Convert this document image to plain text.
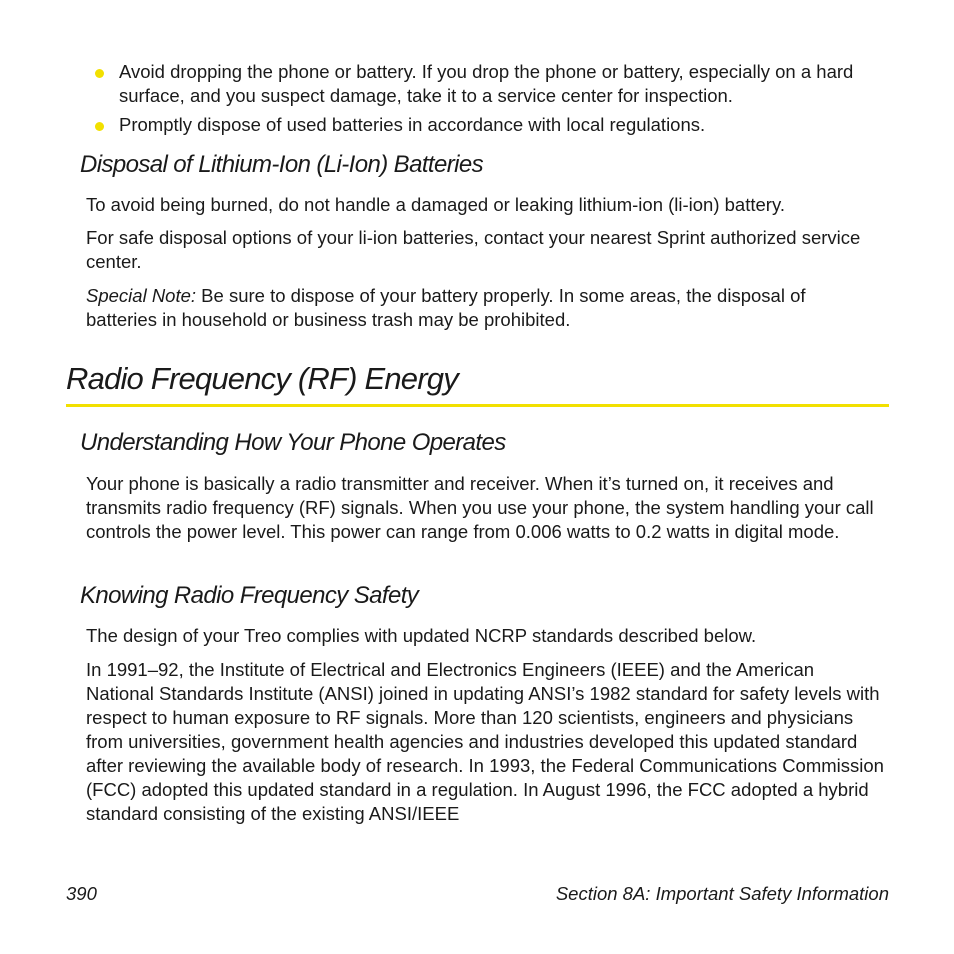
Avoid dropping the phone or battery. If you drop the phone or battery, especially on a hard surface, and you suspect damage, take it to a service center for inspection.

Promptly dispose of used batteries in accordance with local regulations.

Disposal of Lithium-Ion (Li-Ion) Batteries

To avoid being burned, do not handle a damaged or leaking lithium-ion (li-ion) battery.

For safe disposal options of your li-ion batteries, contact your nearest Sprint authorized service center.

Special Note: Be sure to dispose of your battery properly. In some areas, the disposal of batteries in household or business trash may be prohibited.

Radio Frequency (RF) Energy
Understanding How Your Phone Operates

Your phone is basically a radio transmitter and receiver. When it’s turned on, it receives and transmits radio frequency (RF) signals. When you use your phone, the system handling your call controls the power level. This power can range from 0.006 watts to 0.2 watts in digital mode.

Knowing Radio Frequency Safety

The design of your Treo complies with updated NCRP standards described below.

In 1991–92, the Institute of Electrical and Electronics Engineers (IEEE) and the American National Standards Institute (ANSI) joined in updating ANSI’s 1982 standard for safety levels with respect to human exposure to RF signals. More than 120 scientists, engineers and physicians from universities, government health agencies and industries developed this updated standard after reviewing the available body of research. In 1993, the Federal Communications Commission (FCC) adopted this updated standard in a regulation. In August 1996, the FCC adopted a hybrid standard consisting of the existing ANSI/IEEE

390	Section 8A: Important Safety Information
